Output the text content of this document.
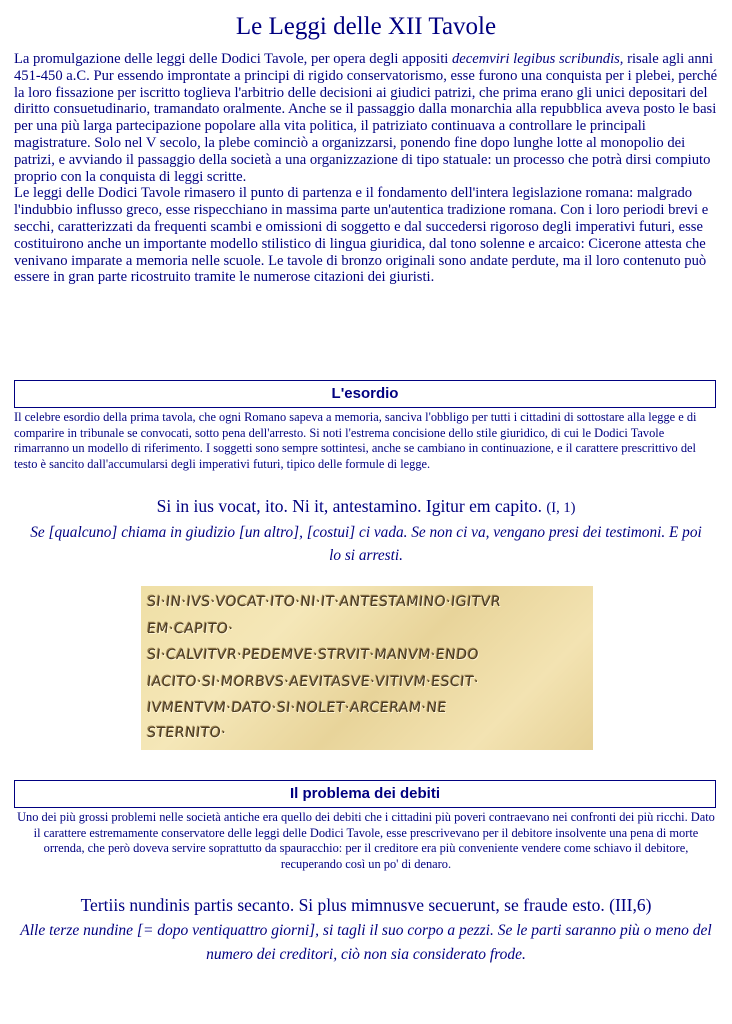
Le Leggi delle XII Tavole

La promulgazione delle leggi delle Dodici Tavole, per opera degli appositi decemviri legibus scribundis, risale agli anni 451-450 a.C. Pur essendo improntate a principi di rigido conservatorismo, esse furono una conquista per i plebei, perché la loro fissazione per iscritto toglieva l'arbitrio delle decisioni ai giudici patrizi, che prima erano gli unici depositari del diritto consuetudinario, tramandato oralmente. Anche se il passaggio dalla monarchia alla repubblica aveva posto le basi per una più larga partecipazione popolare alla vita politica, il patriziato continuava a controllare le principali magistrature. Solo nel V secolo, la plebe cominciò a organizzarsi, ponendo fine dopo lunghe lotte al monopolio dei patrizi, e avviando il passaggio della società a una organizzazione di tipo statuale: un processo che potrà dirsi compiuto proprio con la conquista di leggi scritte.

Le leggi delle Dodici Tavole rimasero il punto di partenza e il fondamento dell'intera legislazione romana: malgrado l'indubbio influsso greco, esse rispecchiano in massima parte un'autentica tradizione romana. Con i loro periodi brevi e secchi, caratterizzati da frequenti scambi e omissioni di soggetto e dal succedersi rigoroso degli imperativi futuri, esse costituirono anche un importante modello stilistico di lingua giuridica, dal tono solenne e arcaico: Cicerone attesta che venivano imparate a memoria nelle scuole. Le tavole di bronzo originali sono andate perdute, ma il loro contenuto può essere in gran parte ricostruito tramite le numerose citazioni dei giuristi.

L'esordio

Il celebre esordio della prima tavola, che ogni Romano sapeva a memoria, sanciva l'obbligo per tutti i cittadini di sottostare alla legge e di comparire in tribunale se convocati, sotto pena dell'arresto. Si noti l'estrema concisione dello stile giuridico, di cui le Dodici Tavole rimarranno un modello di riferimento. I soggetti sono sempre sottintesi, anche se cambiano in continuazione, e il carattere prescrittivo del testo è sancito dall'accumularsi degli imperativi futuri, tipico delle formule di legge.

Si in ius vocat, ito. Ni it, antestamino. Igitur em capito. (I, 1)

Se [qualcuno] chiama in giudizio [un altro], [costui] ci vada. Se non ci va, vengano presi dei testimoni. E poi lo si arresti.

SI·IN·IVS·VOCAT·ITO·NI·IT·ANTESTAMINO·IGITVR
EM·CAPITO·
SI·CALVITVR·PEDEMVE·STRVIT·MANVM·ENDO
IACITO·SI·MORBVS·AEVITASVE·VITIVM·ESCIT·
IVMENTVM·DATO·SI·NOLET·ARCERAM·NE
STERNITO·
Il problema dei debiti

Uno dei più grossi problemi nelle società antiche era quello dei debiti che i cittadini più poveri contraevano nei confronti dei più ricchi. Dato il carattere estremamente conservatore delle leggi delle Dodici Tavole, esse prescrivevano per il debitore insolvente una pena di morte orrenda, che però doveva servire soprattutto da spauracchio: per il creditore era più conveniente vendere come schiavo il debitore, recuperando così un po' di denaro.

Tertiis nundinis partis secanto. Si plus mimnusve secuerunt, se fraude esto. (III,6)

Alle terze nundine [= dopo ventiquattro giorni], si tagli il suo corpo a pezzi. Se le parti saranno più o meno del numero dei creditori, ciò non sia considerato frode.
